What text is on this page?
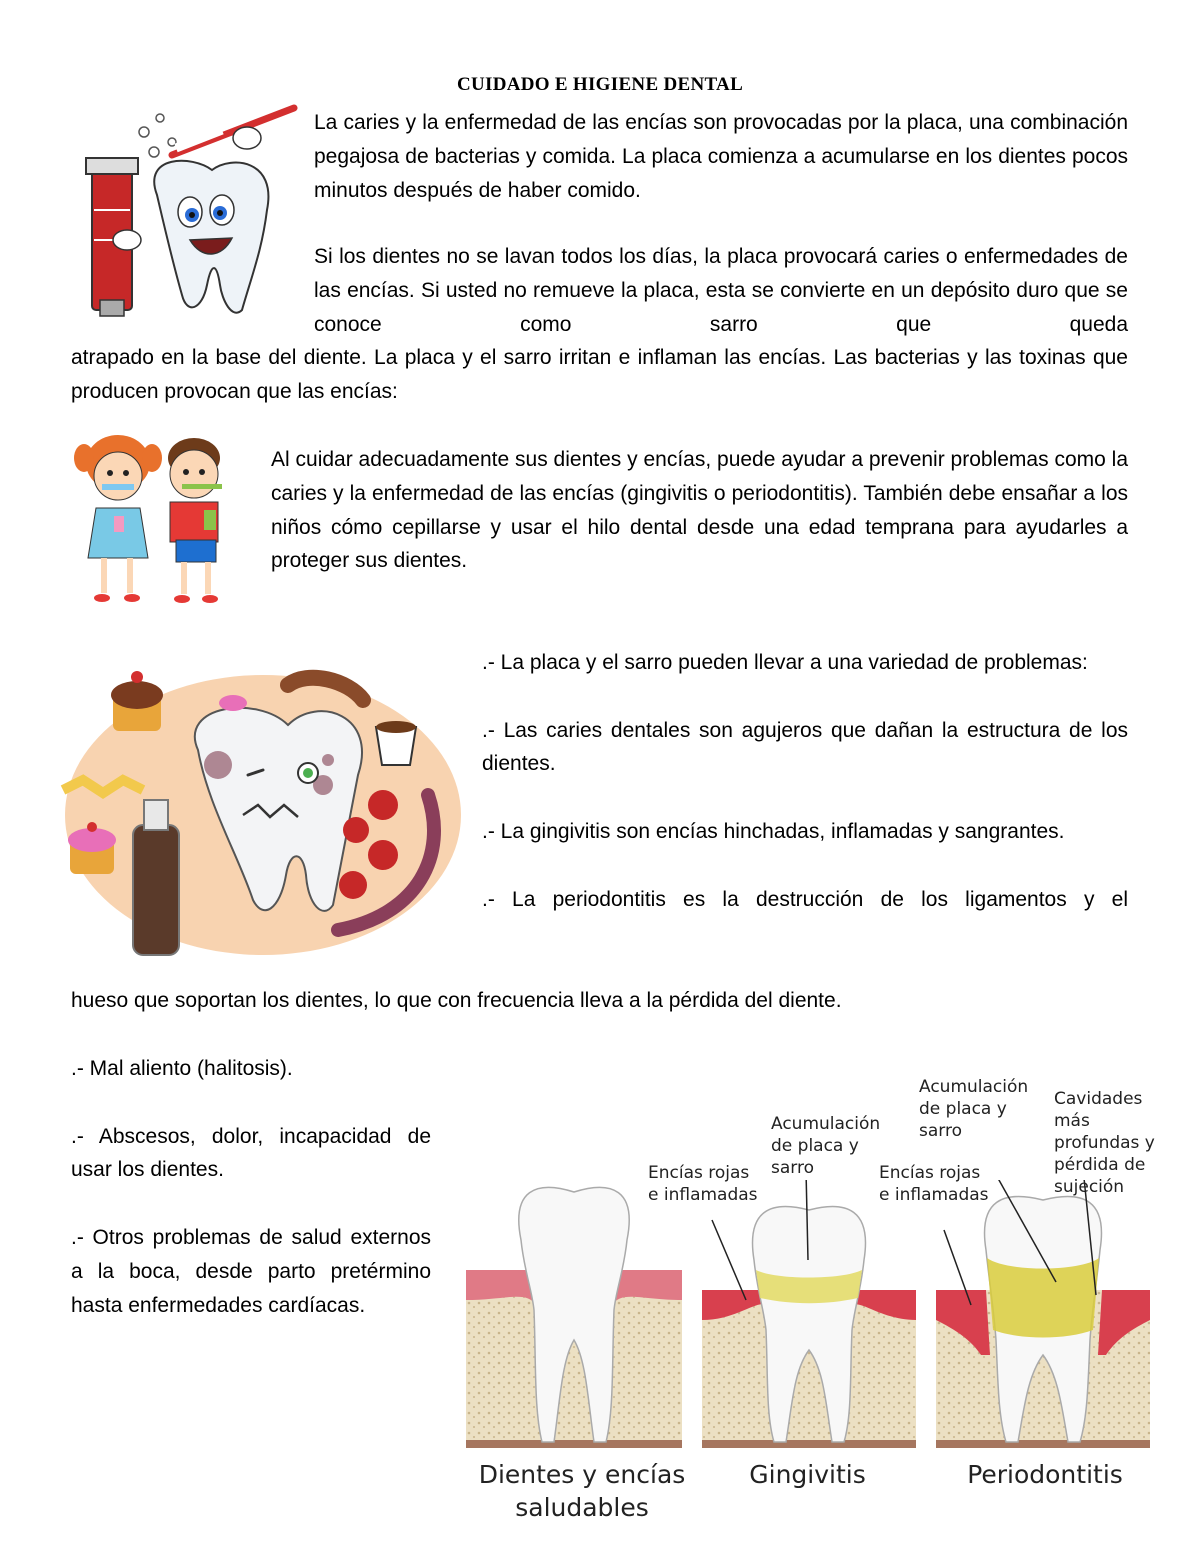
CUIDADO E HIGIENE DENTAL

La caries y la enfermedad de las encías son provocadas por la placa, una combinación pegajosa de bacterias y comida. La placa comienza a acumularse en los dientes pocos minutos después de haber comido.

Si los dientes no se lavan todos los días, la placa provocará caries o enfermedades de las encías. Si usted no remueve la placa, esta se convierte en un depósito duro que se conoce como sarro que queda

atrapado en la base del diente. La placa y el sarro irritan e inflaman las encías. Las bacterias y las toxinas que producen provocan que las encías:

Al cuidar adecuadamente sus dientes y encías, puede ayudar a prevenir problemas como la caries y la enfermedad de las encías (gingivitis o periodontitis). También debe ensañar a los niños cómo cepillarse y usar el hilo dental desde una edad temprana para ayudarles a proteger sus dientes.

.- La placa y el sarro pueden llevar a una variedad de problemas:

.- Las caries dentales son agujeros que dañan la estructura de los dientes.

.- La gingivitis son encías hinchadas, inflamadas y sangrantes.

.- La periodontitis es la destrucción de los ligamentos y el

hueso que soportan los dientes, lo que con frecuencia lleva a la pérdida del diente.

.- Mal aliento (halitosis).

.- Abscesos, dolor, incapacidad de usar los dientes.

.- Otros problemas de salud externos a la boca, desde parto pretérmino hasta enfermedades cardíacas.

Encías rojas e inflamadas
Acumulación de placa y sarro	Encías rojas e inflamadas
Acumulación de placa y sarro
Cavidades más profundas y pérdida de sujeción
Dientes y encías saludables
Gingivitis	Periodontitis
